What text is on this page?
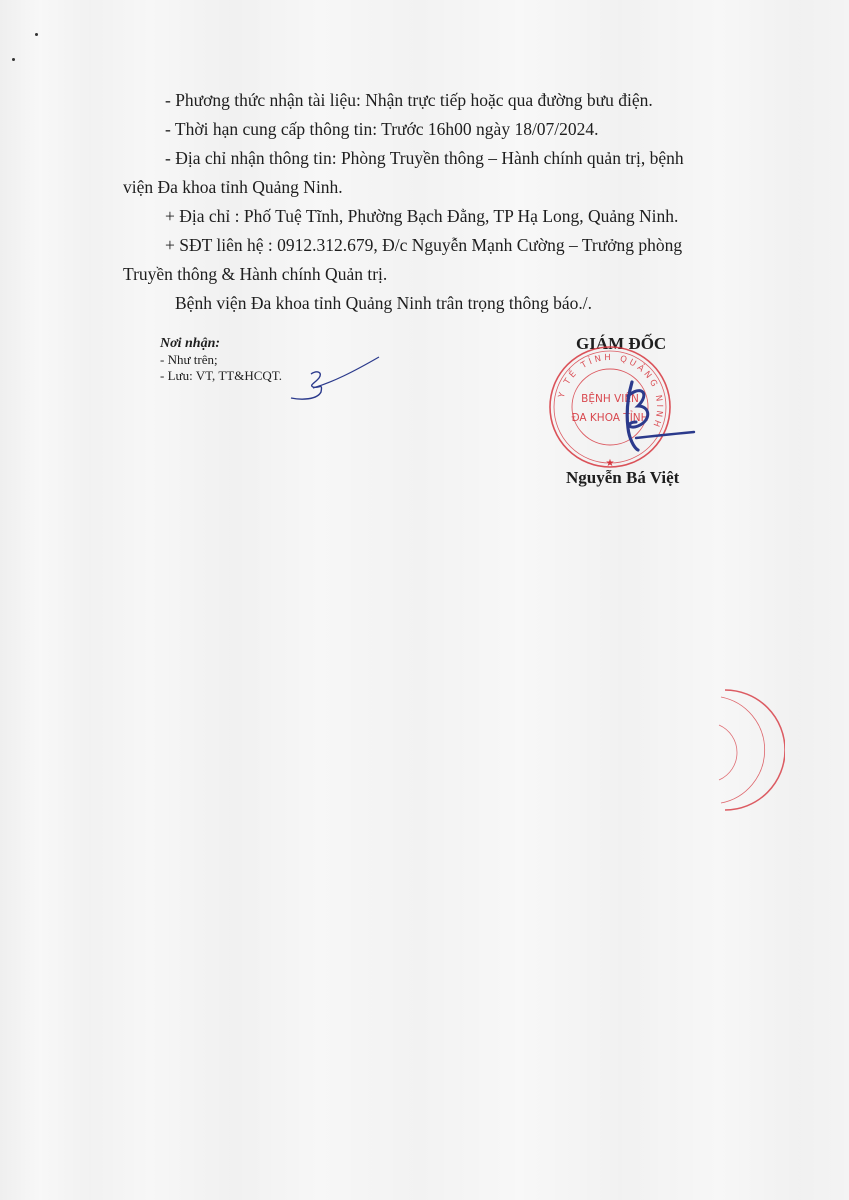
- Phương thức nhận tài liệu: Nhận trực tiếp hoặc qua đường bưu điện.
- Thời hạn cung cấp thông tin: Trước 16h00 ngày 18/07/2024.
- Địa chỉ nhận thông tin: Phòng Truyền thông – Hành chính quản trị, bệnh
viện Đa khoa tỉnh Quảng Ninh.
+ Địa chỉ : Phố Tuệ Tĩnh, Phường Bạch Đằng, TP Hạ Long, Quảng Ninh.
+ SĐT liên hệ : 0912.312.679, Đ/c Nguyễn Mạnh Cường – Trưởng phòng
Truyền thông & Hành chính Quản trị.
Bệnh viện Đa khoa tỉnh Quảng Ninh trân trọng thông báo./.
Nơi nhận:
- Như trên;
- Lưu: VT, TT&HCQT.
GIÁM ĐỐC
Y TẾ TỈNH QUẢNG NINH
BỆNH VIỆN
ĐA KHOA TỈNH
★
Nguyễn Bá Việt
